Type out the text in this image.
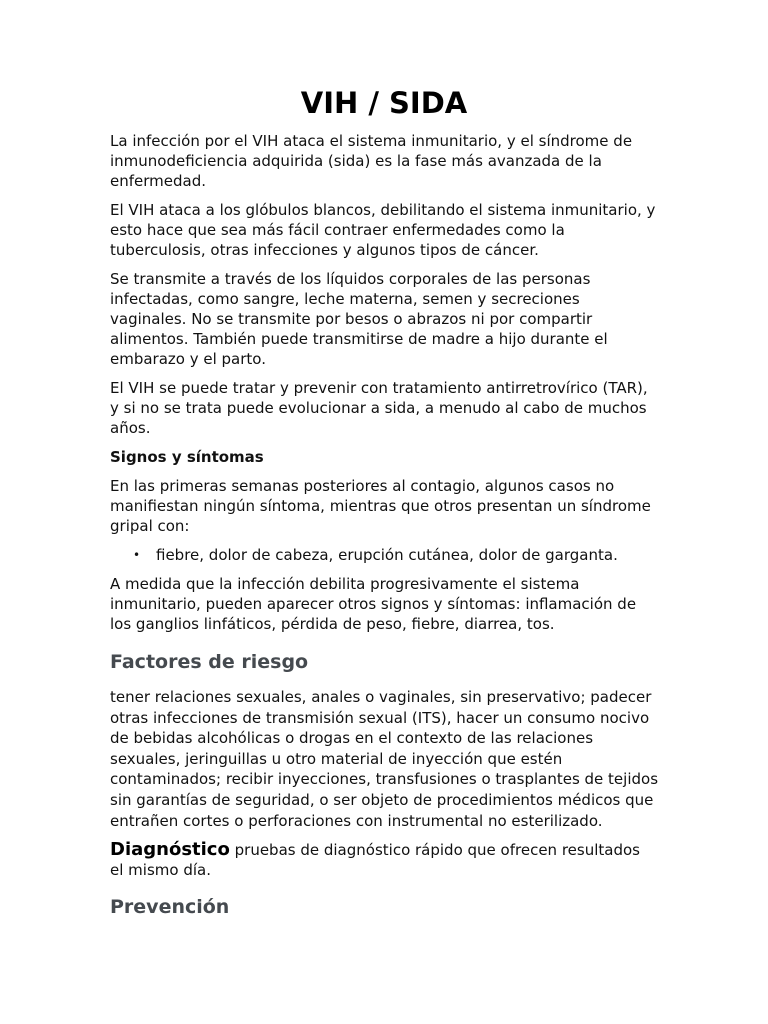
VIH / SIDA

La infección por el VIH ataca el sistema inmunitario, y el síndrome de inmunodeficiencia adquirida (sida) es la fase más avanzada de la enfermedad.

El VIH ataca a los glóbulos blancos, debilitando el sistema inmunitario, y esto hace que sea más fácil contraer enfermedades como la tuberculosis, otras infecciones y algunos tipos de cáncer.

Se transmite a través de los líquidos corporales de las personas infectadas, como sangre, leche materna, semen y secreciones vaginales. No se transmite por besos o abrazos ni por compartir alimentos. También puede transmitirse de madre a hijo durante el embarazo y el parto.

El VIH se puede tratar y prevenir con tratamiento antirretrovírico (TAR), y si no se trata puede evolucionar a sida, a menudo al cabo de muchos años.

Signos y síntomas

En las primeras semanas posteriores al contagio, algunos casos no manifiestan ningún síntoma, mientras que otros presentan un síndrome gripal con:

• fiebre, dolor de cabeza, erupción cutánea, dolor de garganta.

A medida que la infección debilita progresivamente el sistema inmunitario, pueden aparecer otros signos y síntomas: inflamación de los ganglios linfáticos, pérdida de peso, fiebre, diarrea, tos.

Factores de riesgo

tener relaciones sexuales, anales o vaginales, sin preservativo; padecer otras infecciones de transmisión sexual (ITS), hacer un consumo nocivo de bebidas alcohólicas o drogas en el contexto de las relaciones sexuales, jeringuillas u otro material de inyección que estén contaminados; recibir inyecciones, transfusiones o trasplantes de tejidos sin garantías de seguridad, o ser objeto de procedimientos médicos que entrañen cortes o perforaciones con instrumental no esterilizado.

Diagnóstico pruebas de diagnóstico rápido que ofrecen resultados el mismo día.
Prevención
